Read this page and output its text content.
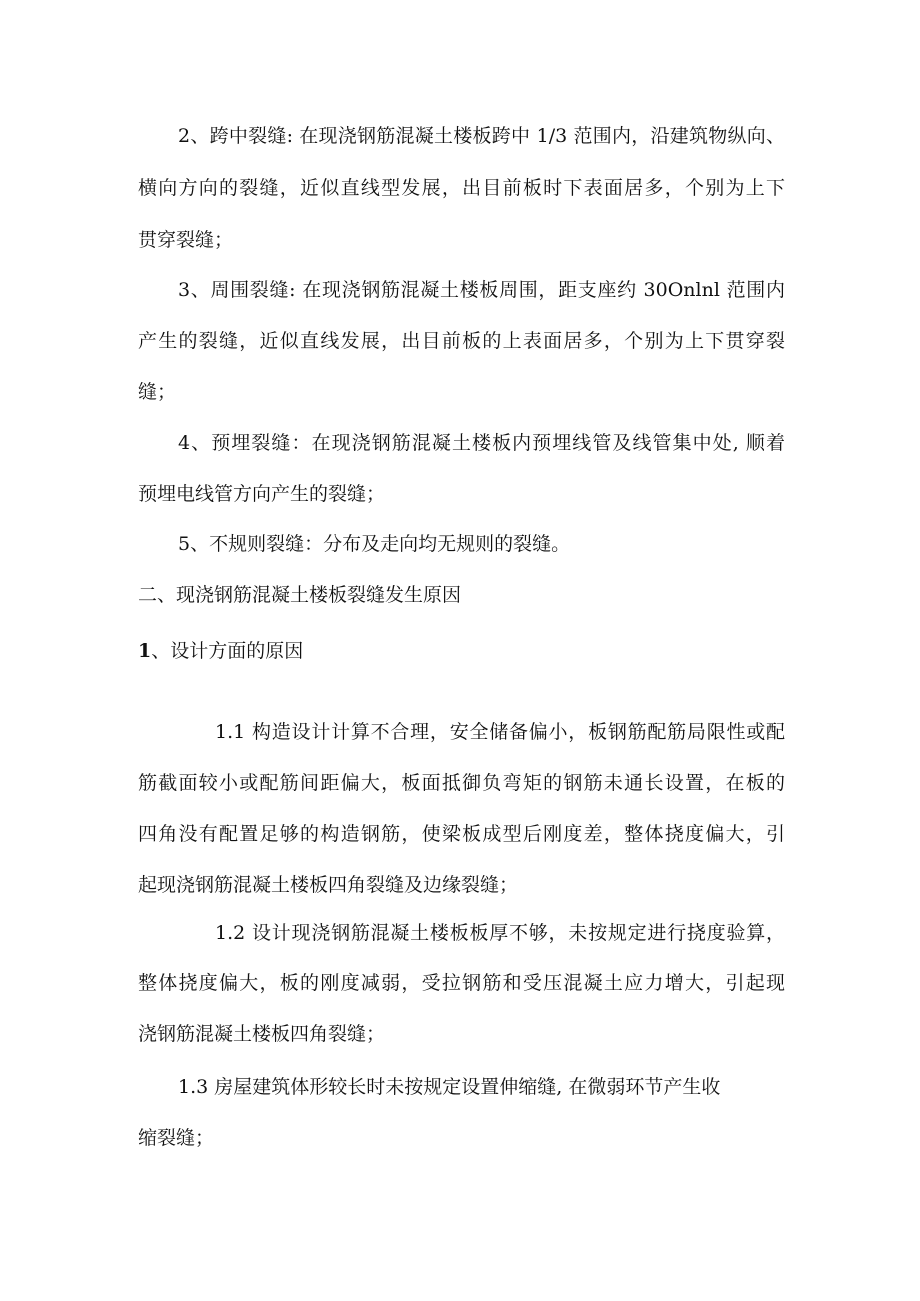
2、跨中裂缝: 在现浇钢筋混凝土楼板跨中 1/3 范围内，沿建筑物纵向、
横向方向的裂缝，近似直线型发展，出目前板时下表面居多，个别为上下
贯穿裂缝；
3、周围裂缝: 在现浇钢筋混凝土楼板周围，距支座约 30Onlnl 范围内
产生的裂缝，近似直线发展，出目前板的上表面居多，个别为上下贯穿裂
缝；
4、预埋裂缝：在现浇钢筋混凝土楼板内预埋线管及线管集中处, 顺着
预埋电线管方向产生的裂缝；
5、不规则裂缝：分布及走向均无规则的裂缝。
二、现浇钢筋混凝土楼板裂缝发生原因
1、设计方面的原因
1.1 构造设计计算不合理，安全储备偏小，板钢筋配筋局限性或配
筋截面较小或配筋间距偏大，板面抵御负弯矩的钢筋未通长设置，在板的
四角没有配置足够的构造钢筋，使梁板成型后刚度差，整体挠度偏大，引
起现浇钢筋混凝土楼板四角裂缝及边缘裂缝；
1.2 设计现浇钢筋混凝土楼板板厚不够，未按规定进行挠度验算，
整体挠度偏大，板的刚度减弱，受拉钢筋和受压混凝土应力增大，引起现
浇钢筋混凝土楼板四角裂缝；
1.3 房屋建筑体形较长时未按规定设置伸缩缝, 在微弱环节产生收
缩裂缝；
